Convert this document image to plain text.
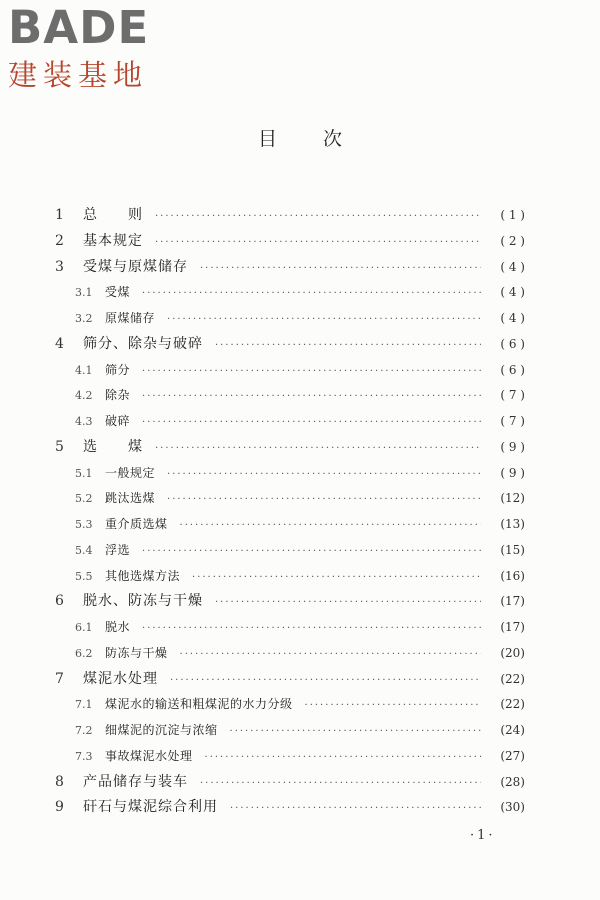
BADE
建装基地
目次
1	总　　则 ·····	( 1 )
2	基本规定 ·····	( 2 )
3	受煤与原煤储存 ·····	( 4 )
3.1	受煤 ·····	( 4 )
3.2	原煤储存 ·····	( 4 )
4	筛分、除杂与破碎 ·····	( 6 )
4.1	筛分 ·····	( 6 )
4.2	除杂 ·····	( 7 )
4.3	破碎 ·····	( 7 )
5	选　　煤 ·····	( 9 )
5.1	一般规定 ·····	( 9 )
5.2	跳汰选煤 ·····	(12)
5.3	重介质选煤 ·····	(13)
5.4	浮选 ·····	(15)
5.5	其他选煤方法 ·····	(16)
6	脱水、防冻与干燥 ·····	(17)
6.1	脱水 ·····	(17)
6.2	防冻与干燥 ·····	(20)
7	煤泥水处理 ·····	(22)
7.1	煤泥水的输送和粗煤泥的水力分级 ·····	(22)
7.2	细煤泥的沉淀与浓缩 ·····	(24)
7.3	事故煤泥水处理 ·····	(27)
8	产品储存与装车 ·····	(28)
9	矸石与煤泥综合利用 ·····	(30)
·1·
